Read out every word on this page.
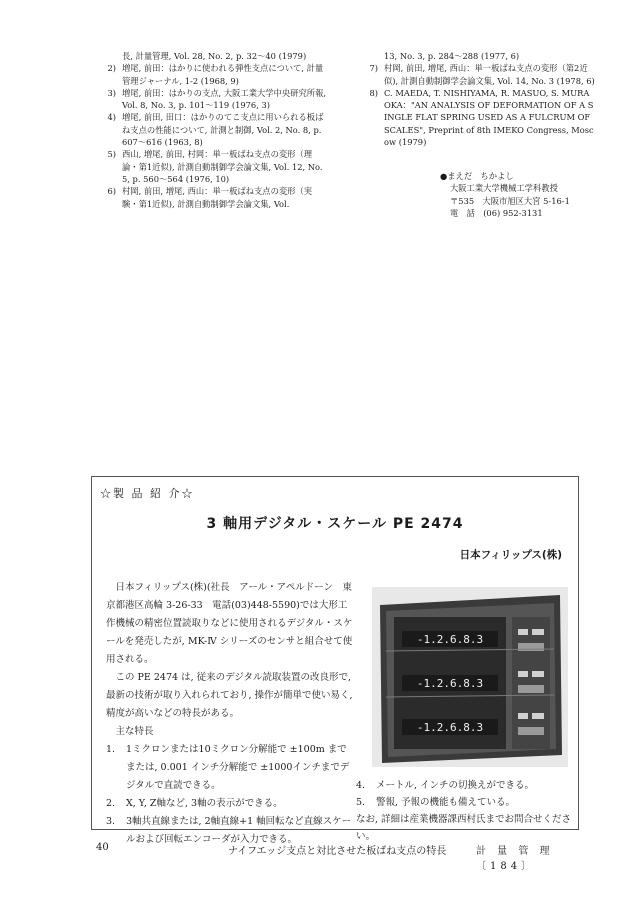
長, 計量管理, Vol. 28, No. 2, p. 32〜40 (1979)
2) 増尾, 前田：はかりに使われる弾性支点について, 計量管理ジャーナル, 1-2 (1968, 9)
3) 増尾, 前田：はかりの支点, 大阪工業大学中央研究所報, Vol. 8, No. 3, p. 101〜119 (1976, 3)
4) 増尾, 前田, 田口：はかりのてこ支点に用いられる板ばね支点の性能について, 計測と制御, Vol. 2, No. 8, p. 607〜616 (1963, 8)
5) 西山, 増尾, 前田, 村岡：単一板ばね支点の変形（理論・第1近似), 計測自動制御学会論文集, Vol. 12, No. 5, p. 560〜564 (1976, 10)
6) 村岡, 前田, 増尾, 西山：単一板ばね支点の変形（実験・第1近似), 計測自動制御学会論文集, Vol.
13, No. 3, p. 284〜288 (1977, 6)
7) 村岡, 前田, 増尾, 西山：単一板ばね支点の変形（第2近似), 計測自動制御学会論文集, Vol. 14, No. 3 (1978, 6)
8) C. MAEDA, T. NISHIYAMA, R. MASUO, S. MURAOKA："AN ANALYSIS OF DEFORMATION OF A SINGLE FLAT SPRING USED AS A FULCRUM OF SCALES", Preprint of 8th IMEKO Congress, Moscow (1979)
●まえだ　ちかよし
大阪工業大学機械工学科教授
〒535　大阪市旭区大宮 5-16-1
電　話　(06) 952-3131
☆製 品 紹 介☆
3 軸用デジタル・スケール PE 2474
日本フィリップス(株)

日本フィリップス(株)(社長　アール・アペルドーン　東京都港区高輪 3-26-33　電話(03)448-5590)では大形工作機械の精密位置読取りなどに使用されるデジタル・スケールを発売したが, MK-Ⅳ シリーズのセンサと組合せて使用される。

この PE 2474 は, 従来のデジタル読取装置の改良形で, 最新の技術が取り入れられており, 操作が簡単で使い易く, 精度が高いなどの特長がある。

主な特長

1. 1ミクロンまたは10ミクロン分解能で ±100m までまたは, 0.001 インチ分解能で ±1000インチまでデジタルで直読できる。
2. X, Y, Z軸など, 3軸の表示ができる。
3. 3軸共直線または, 2軸直線+1 軸回転など直線スケールおよび回転エンコーダが入力できる。
-1.2.6.8.3
-1.2.6.8.3
-1.2.6.8.3
4. メートル, インチの切換えができる。
5. 警報, 予報の機能も備えている。

なお, 詳細は産業機器課西村氏までお問合せください。

40	ナイフエッジ支点と対比させた板ばね支点の特長	計 量 管 理 〔184〕
